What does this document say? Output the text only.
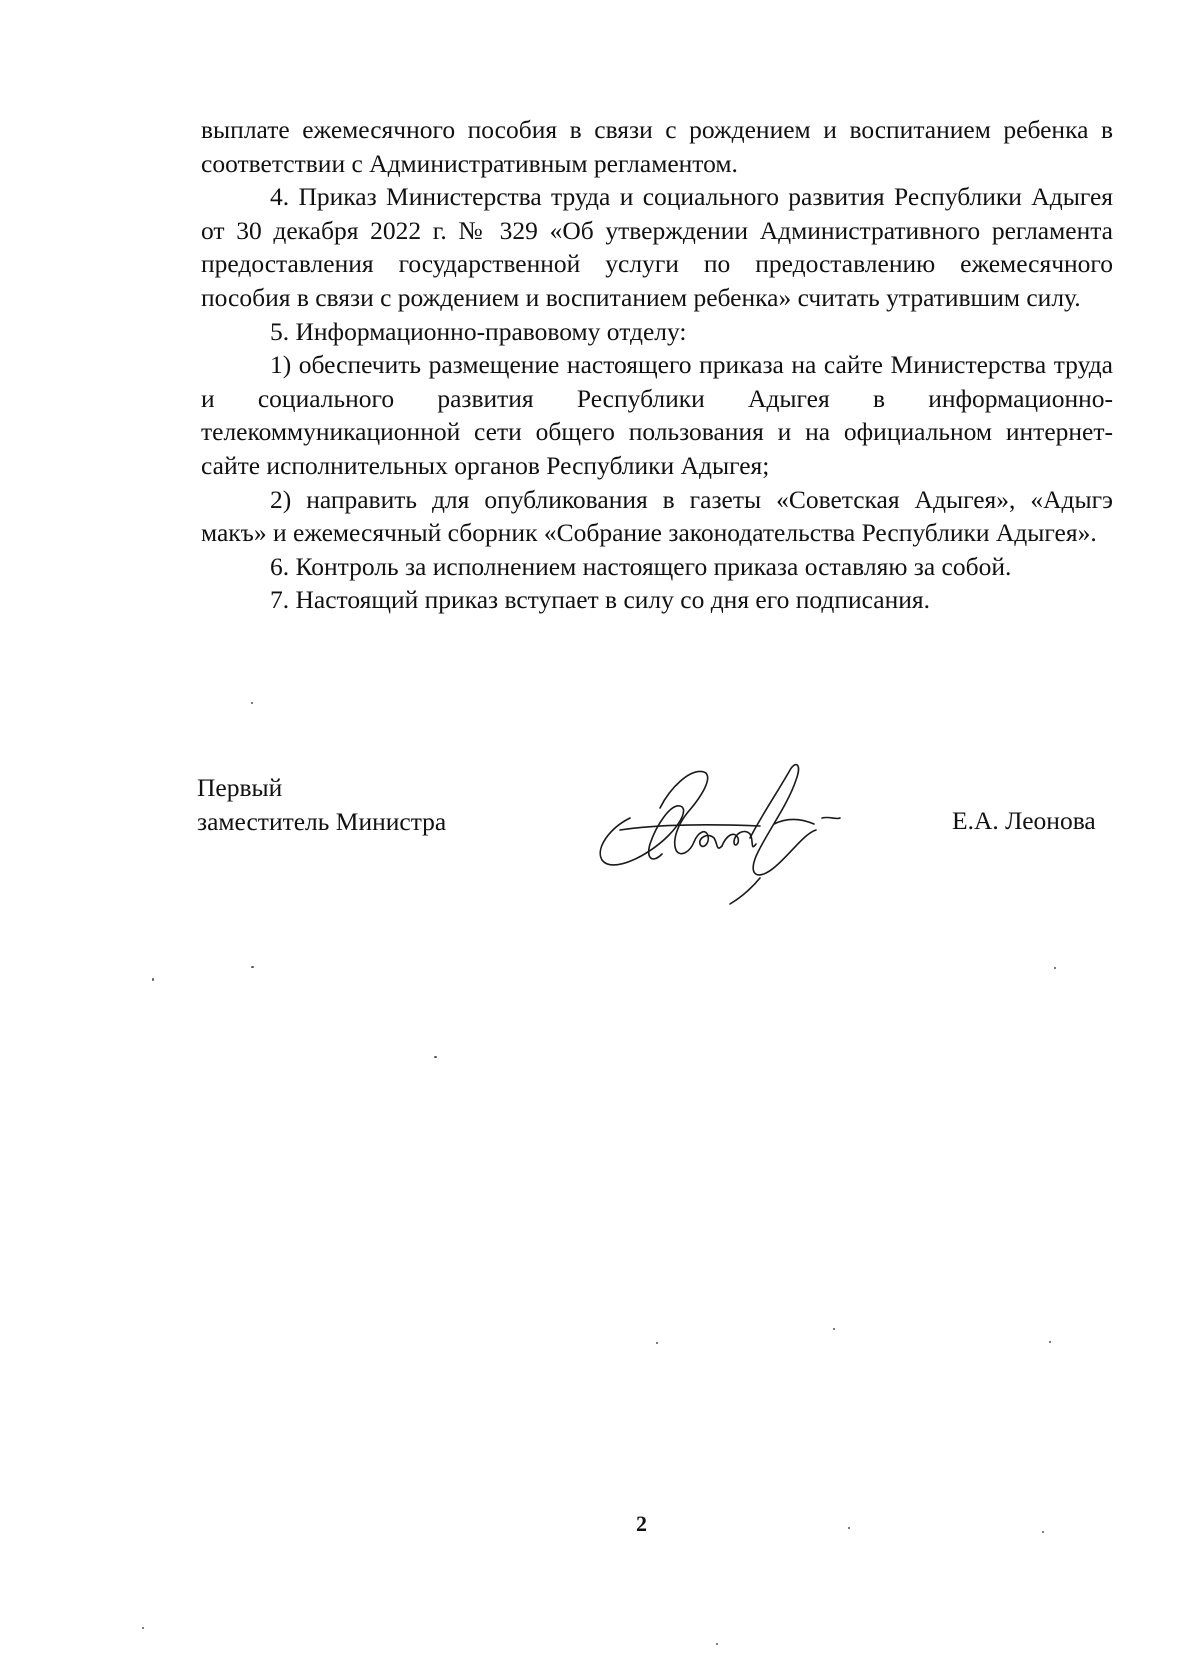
выплате ежемесячного пособия в связи с рождением и воспитанием ребенка в соответствии с Административным регламентом.

4. Приказ Министерства труда и социального развития Республики Адыгея от 30 декабря 2022 г. № 329 «Об утверждении Административного регламента предоставления государственной услуги по предоставлению ежемесячного пособия в связи с рождением и воспитанием ребенка» считать утратившим силу.

5. Информационно-правовому отделу:

1) обеспечить размещение настоящего приказа на сайте Министерства труда и социального развития Республики Адыгея в информационно-телекоммуникационной сети общего пользования и на официальном интернет-сайте исполнительных органов Республики Адыгея;

2) направить для опубликования в газеты «Советская Адыгея», «Адыгэ макъ» и ежемесячный сборник «Собрание законодательства Республики Адыгея».

6. Контроль за исполнением настоящего приказа оставляю за собой.

7. Настоящий приказ вступает в силу со дня его подписания.

Первый
заместитель Министра	Е.А. Леонова
2
